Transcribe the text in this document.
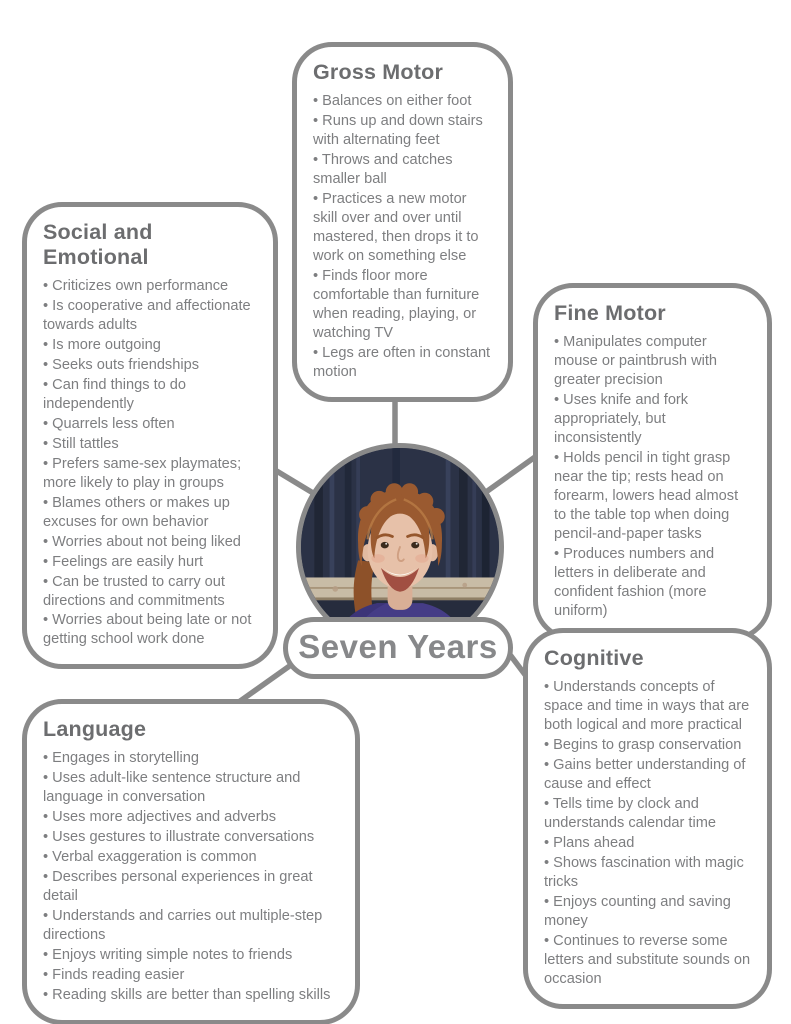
Gross Motor
• Balances on either foot
• Runs up and down stairs with alternating feet
• Throws and catches smaller ball
• Practices a new motor skill over and over until mastered, then drops it to work on something else
• Finds floor more comfortable than furniture when reading, playing, or watching TV
• Legs are often in constant motion
Social and Emotional
• Criticizes own performance
• Is cooperative and affectionate towards adults
• Is more outgoing
• Seeks outs friendships
• Can find things to do independently
• Quarrels less often
• Still tattles
• Prefers same-sex playmates; more likely to play in groups
• Blames others or makes up excuses for own behavior
• Worries about not being liked
• Feelings are easily hurt
• Can be trusted to carry out directions and commitments
• Worries about being late or not getting school work done
Fine Motor
• Manipulates computer mouse or paintbrush with greater precision
• Uses knife and fork appropriately, but inconsistently
• Holds pencil in tight grasp near the tip; rests head on forearm, lowers head almost to the table top when doing pencil-and-paper tasks
• Produces numbers and letters in deliberate and confident fashion (more uniform)
Cognitive
• Understands concepts of space and time in ways that are both logical and more practical
• Begins to grasp conservation
• Gains better understanding of cause and effect
• Tells time by clock and understands calendar time
• Plans ahead
• Shows fascination with magic tricks
• Enjoys counting and saving money
• Continues to reverse some letters and substitute sounds on occasion
Language
• Engages in storytelling
• Uses adult-like sentence structure and language in conversation
• Uses more adjectives and adverbs
• Uses gestures to illustrate conversations
• Verbal exaggeration is common
• Describes personal experiences in great detail
• Understands and carries out multiple-step directions
• Enjoys writing simple notes to friends
• Finds reading easier
• Reading skills are better than spelling skills
Seven Years
